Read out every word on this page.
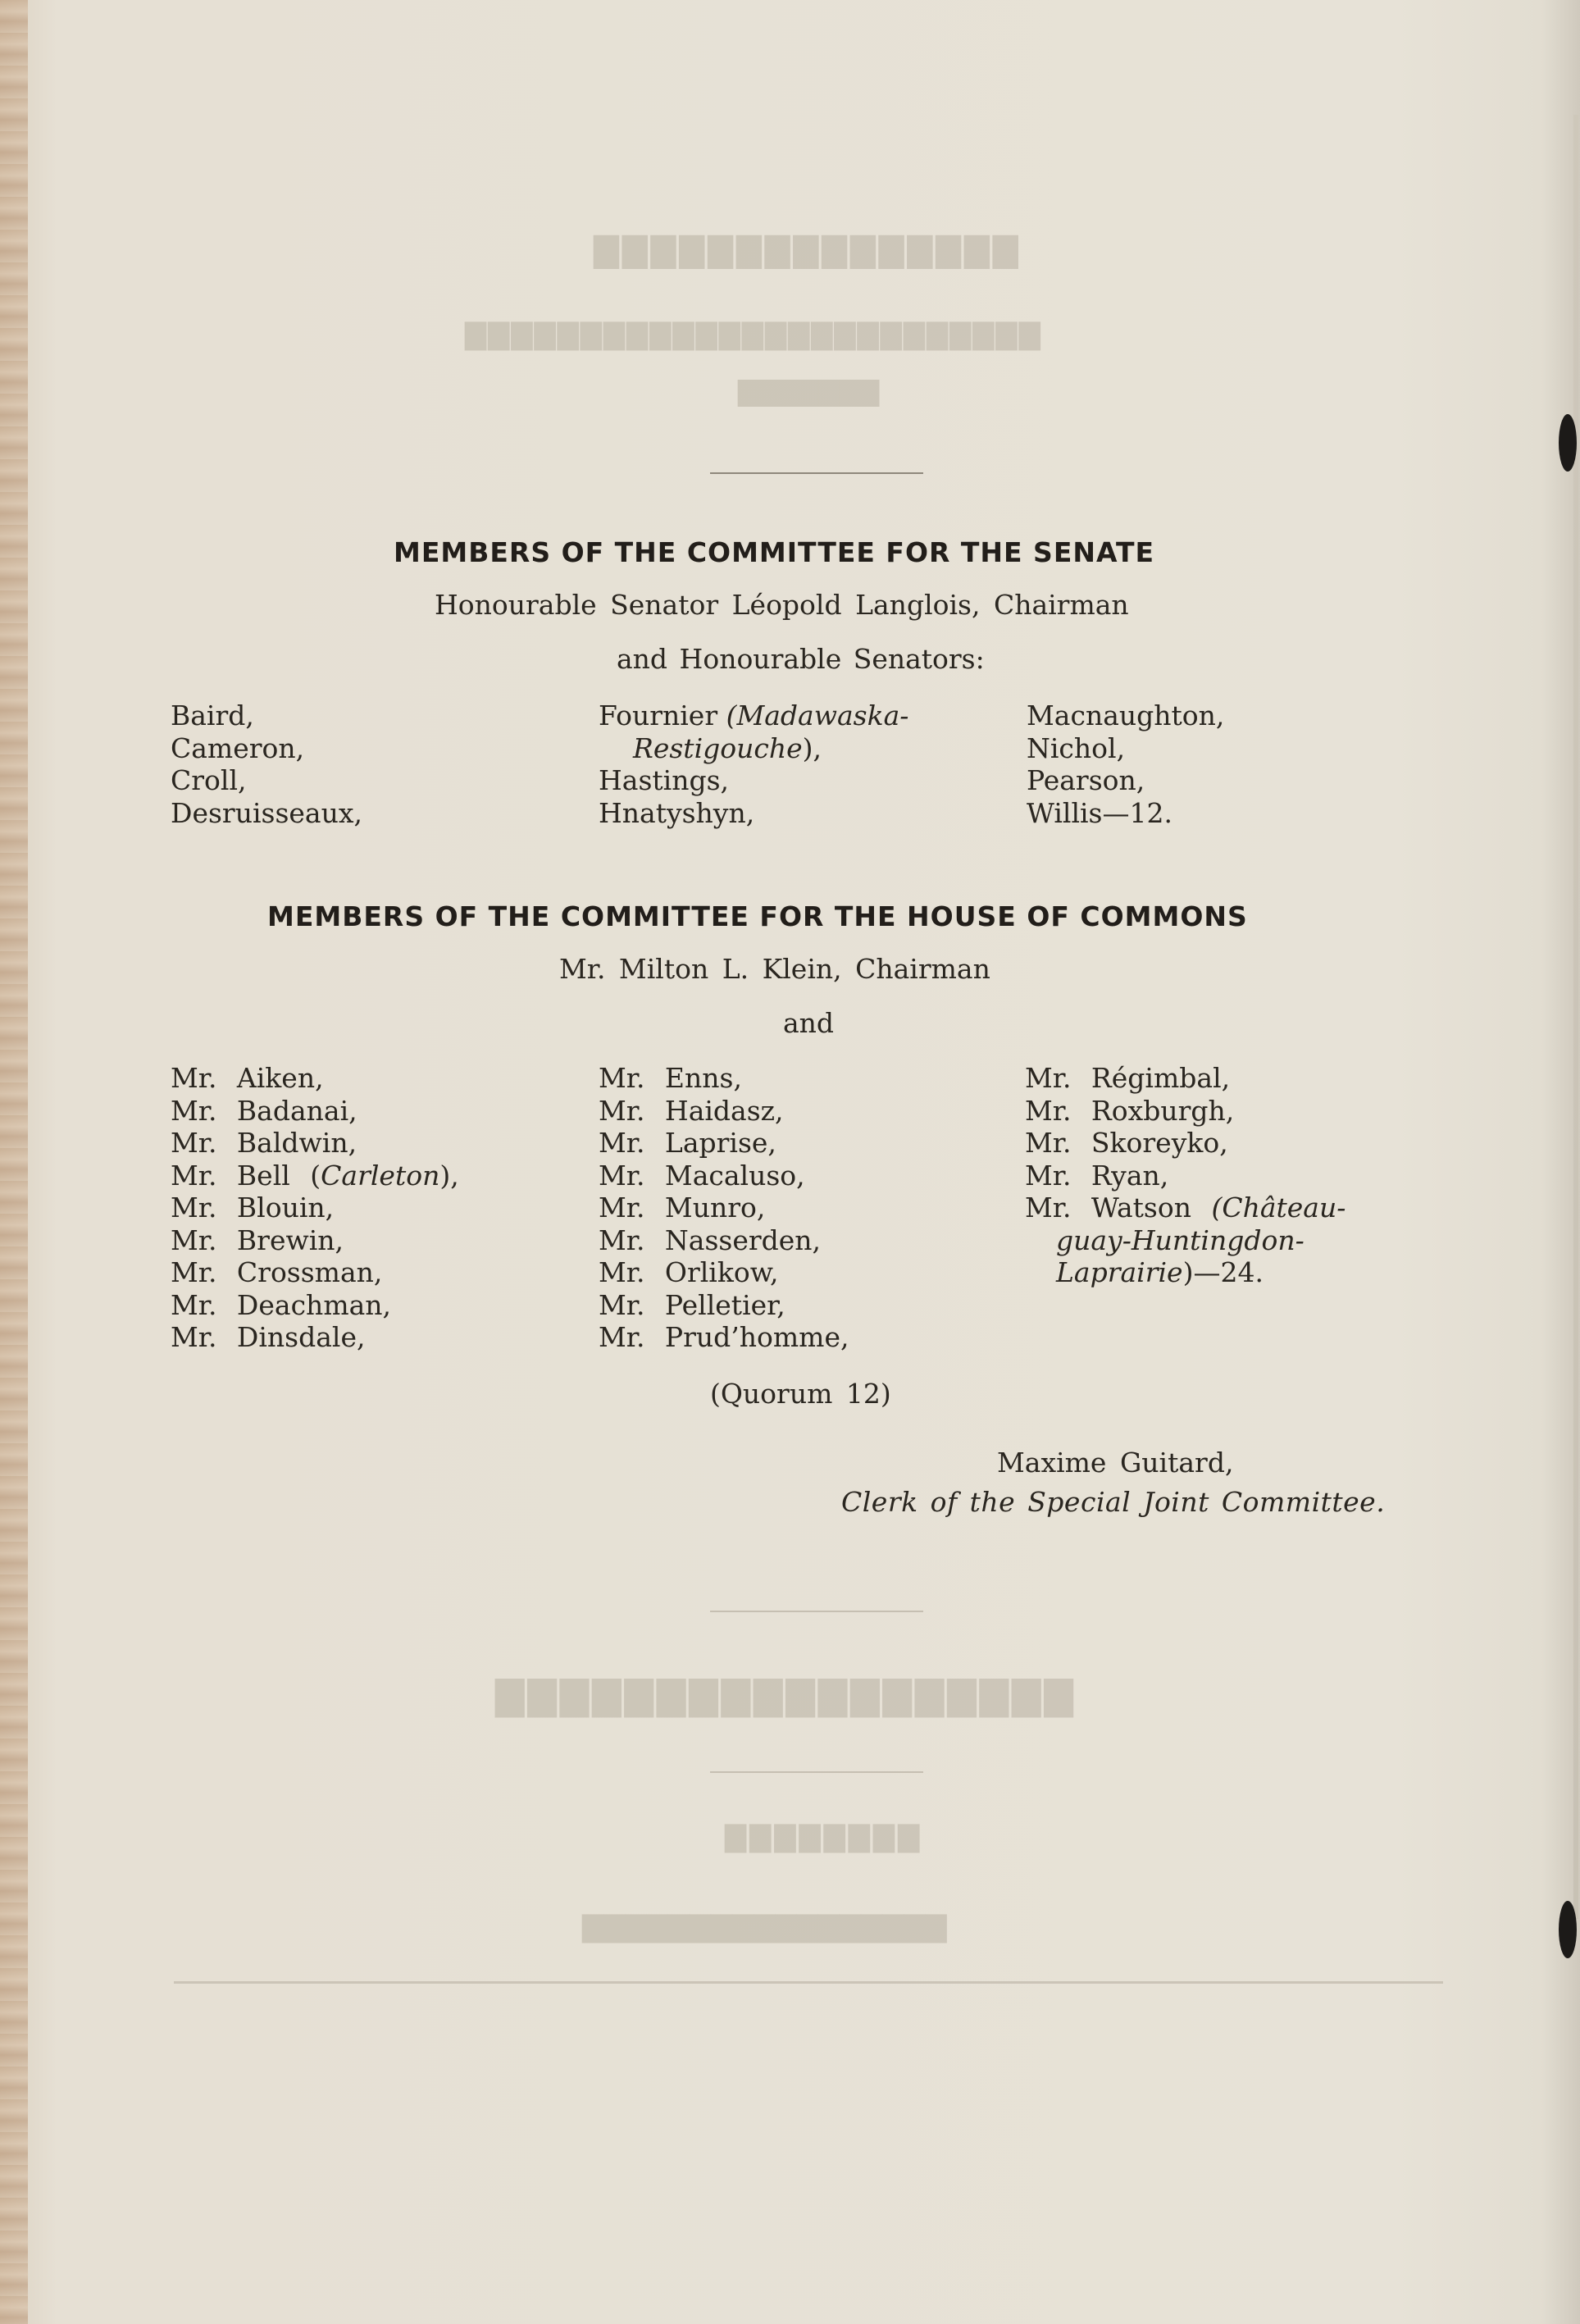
▇▇▇▇▇▇▇▇▇▇▇▇▇▇▇
▇▇▇▇▇▇▇▇▇▇▇▇▇▇▇▇▇▇▇▇▇▇▇▇▇
▇▇▇▇▇▇▇
▇▇▇▇▇▇▇▇▇▇▇▇▇▇▇▇▇▇
▇▇▇▇▇▇▇▇
▇▇▇▇▇▇▇▇▇▇▇▇▇▇▇▇▇
MEMBERS OF THE COMMITTEE FOR THE SENATE
Honourable Senator Léopold Langlois, Chairman
and Honourable Senators:
Baird,
Cameron,
Croll,
Desruisseaux,
Fournier (Madawaska-
Restigouche),
Hastings,
Hnatyshyn,
Macnaughton,
Nichol,
Pearson,
Willis—12.
MEMBERS OF THE COMMITTEE FOR THE HOUSE OF COMMONS
Mr. Milton L. Klein, Chairman
and
Mr. Aiken,
Mr. Badanai,
Mr. Baldwin,
Mr. Bell (Carleton),
Mr. Blouin,
Mr. Brewin,
Mr. Crossman,
Mr. Deachman,
Mr. Dinsdale,
Mr. Enns,
Mr. Haidasz,
Mr. Laprise,
Mr. Macaluso,
Mr. Munro,
Mr. Nasserden,
Mr. Orlikow,
Mr. Pelletier,
Mr. Prud’homme,
Mr. Régimbal,
Mr. Roxburgh,
Mr. Skoreyko,
Mr. Ryan,
Mr. Watson (Château-
guay-Huntingdon-
Laprairie)—24.
(Quorum 12)
Maxime Guitard,
Clerk of the Special Joint Committee.
